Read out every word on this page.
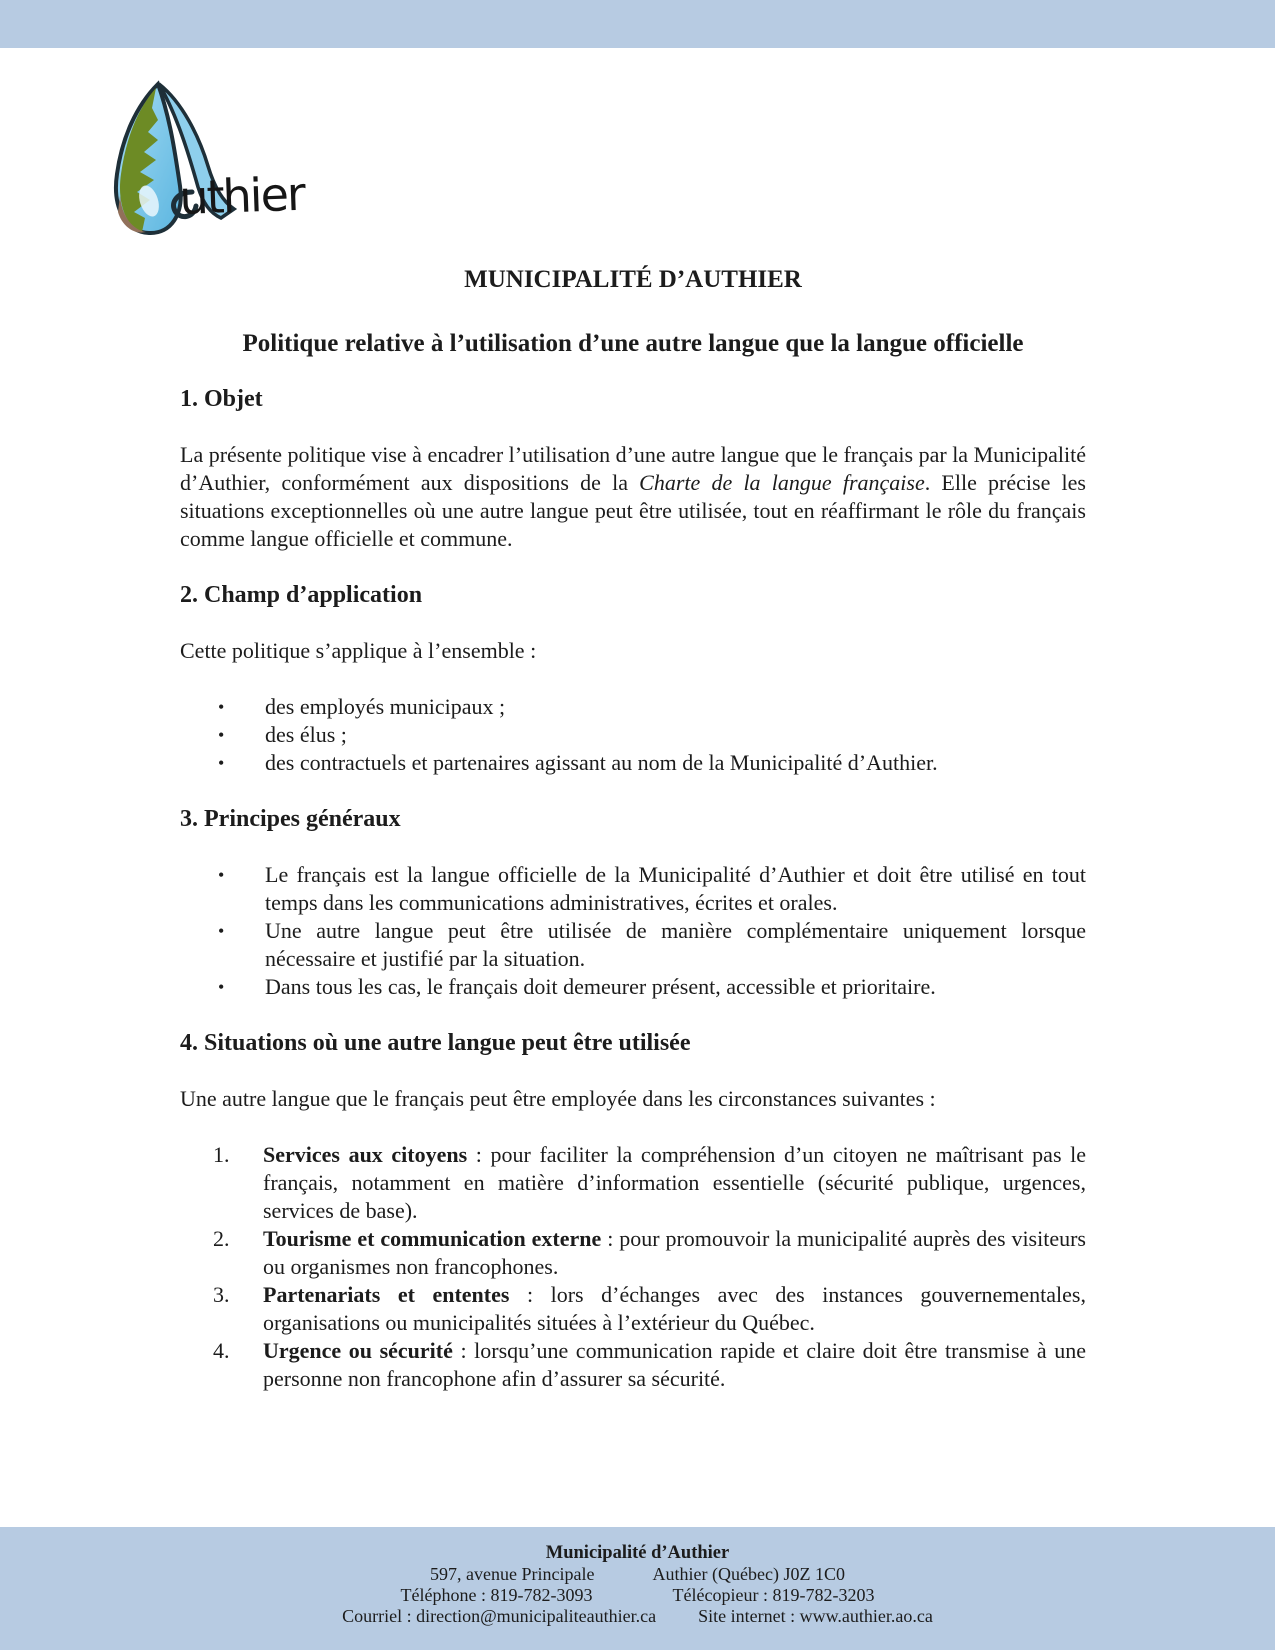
uthier
MUNICIPALITÉ D’AUTHIER
Politique relative à l’utilisation d’une autre langue que la langue officielle
1. Objet

La présente politique vise à encadrer l’utilisation d’une autre langue que le français par la Municipalité d’Authier, conformément aux dispositions de la Charte de la langue française. Elle précise les situations exceptionnelles où une autre langue peut être utilisée, tout en réaffirmant le rôle du français comme langue officielle et commune.

2. Champ d’application

Cette politique s’applique à l’ensemble :

• des employés municipaux ;
• des élus ;
• des contractuels et partenaires agissant au nom de la Municipalité d’Authier.
3. Principes généraux
• Le français est la langue officielle de la Municipalité d’Authier et doit être utilisé en tout temps dans les communications administratives, écrites et orales.
• Une autre langue peut être utilisée de manière complémentaire uniquement lorsque nécessaire et justifié par la situation.
• Dans tous les cas, le français doit demeurer présent, accessible et prioritaire.
4. Situations où une autre langue peut être utilisée

Une autre langue que le français peut être employée dans les circonstances suivantes :

1. Services aux citoyens : pour faciliter la compréhension d’un citoyen ne maîtrisant pas le français, notamment en matière d’information essentielle (sécurité publique, urgences, services de base).
2. Tourisme et communication externe : pour promouvoir la municipalité auprès des visiteurs ou organismes non francophones.
3. Partenariats et ententes : lors d’échanges avec des instances gouvernementales, organisations ou municipalités situées à l’extérieur du Québec.
4. Urgence ou sécurité : lorsqu’une communication rapide et claire doit être transmise à une personne non francophone afin d’assurer sa sécurité.
Municipalité d’Authier
597, avenue Principale	Authier (Québec) J0Z 1C0
Téléphone : 819-782-3093	Télécopieur : 819-782-3203
Courriel : direction@municipaliteauthier.ca Site internet : www.authier.ao.ca
